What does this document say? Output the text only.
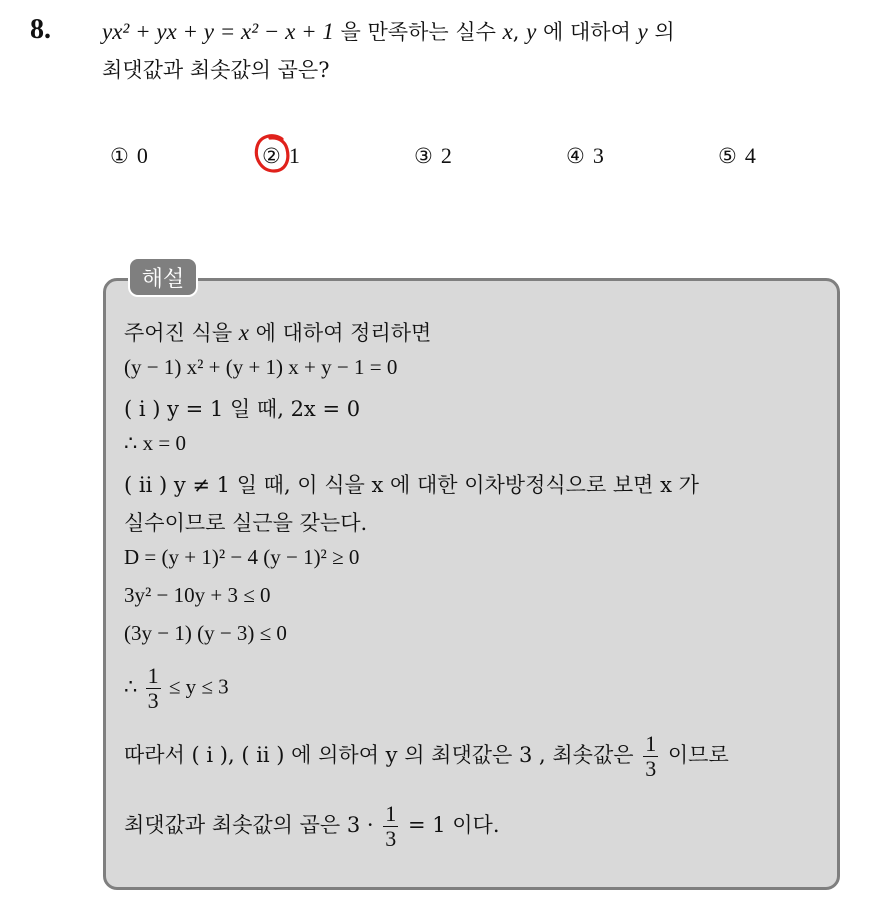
8. yx² + yx + y = x² − x + 1 을 만족하는 실수 x, y 에 대하여 y 의
최댓값과 최솟값의 곱은?
① 0	② 1	③ 2	④ 3	⑤ 4
해설
주어진 식을 x 에 대하여 정리하면
(y − 1) x² + (y + 1) x + y − 1 = 0
( i ) y = 1 일 때, 2x = 0
∴ x = 0
( ii ) y ≠ 1 일 때, 이 식을 x 에 대한 이차방정식으로 보면 x 가
실수이므로 실근을 갖는다.
D = (y + 1)² − 4 (y − 1)² ≥ 0
3y² − 10y + 3 ≤ 0
(3y − 1) (y − 3) ≤ 0
∴ $\frac{1}{3} \le y \le 3$
따라서 ( i ), ( ii ) 에 의하여 y 의 최댓값은 3 , 최솟값은 $\frac{1}{3}$ 이므로
최댓값과 최솟값의 곱은 $3 \cdot \frac{1}{3} = 1$ 이다.
